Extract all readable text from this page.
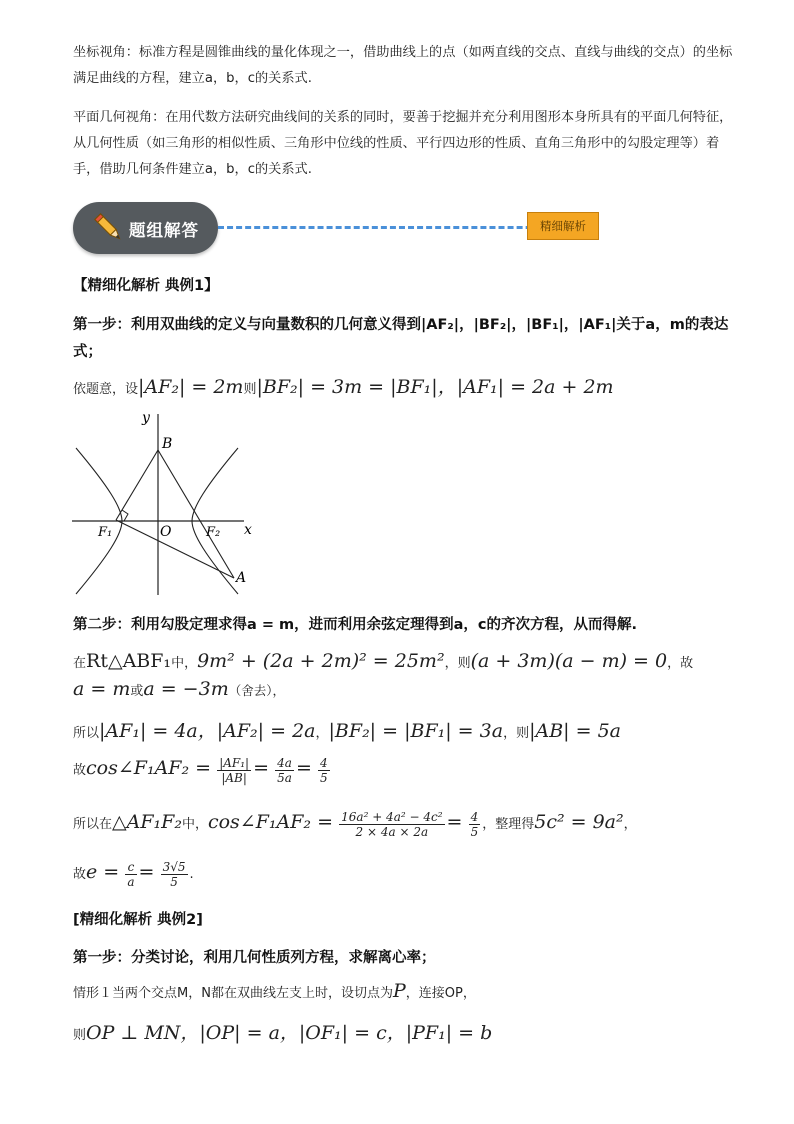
坐标视角：标准方程是圆锥曲线的量化体现之一，借助曲线上的点（如两直线的交点、直线与曲线的交点）的坐标满足曲线的方程，建立a，b，c的关系式.

平面几何视角：在用代数方法研究曲线间的关系的同时，要善于挖掘并充分利用图形本身所具有的平面几何特征，从几何性质（如三角形的相似性质、三角形中位线的性质、平行四边形的性质、直角三角形中的勾股定理等）着手，借助几何条件建立a，b，c的关系式.

题组解答	精细解析
【精细化解析 典例1】
第一步：利用双曲线的定义与向量数积的几何意义得到|AF₂|，|BF₂|，|BF₁|，|AF₁|关于a，m的表达式；
依题意，设|AF₂| = 2m则|BF₂| = 3m = |BF₁|，|AF₁| = 2a + 2m
y
B
O
F₁	F₂ x
A
第二步：利用勾股定理求得a = m，进而利用余弦定理得到a，c的齐次方程，从而得解.
在Rt△ABF₁中，9m² + (2a + 2m)² = 25m²，则(a + 3m)(a − m) = 0，故
a = m或a = −3m（舍去），
所以|AF₁| = 4a，|AF₂| = 2a，|BF₂| = |BF₁| = 3a，则|AB| = 5a
故cos∠F₁AF₂ = $\frac{\text{|AF₁|}}{|AB|} = \frac{4a}{5a} = \frac{4}{5}$
所以在△AF₁F₂中，cos∠F₁AF₂ = $\frac{\text{16a² + 4a² − 4c²}}{2 \times 4a \times 2a} = \frac{4}{5}$ ，整理得5c² = 9a²，
故$e = \frac{c}{a} = \frac{3√5}{5}$ .
[精细化解析 典例2]
第一步：分类讨论，利用几何性质列方程，求解离心率；
情形１当两个交点M，N都在双曲线左支上时，设切点为P，连接OP，
则OP ⊥ MN，|OP| = a，|OF₁| = c，|PF₁| = b
